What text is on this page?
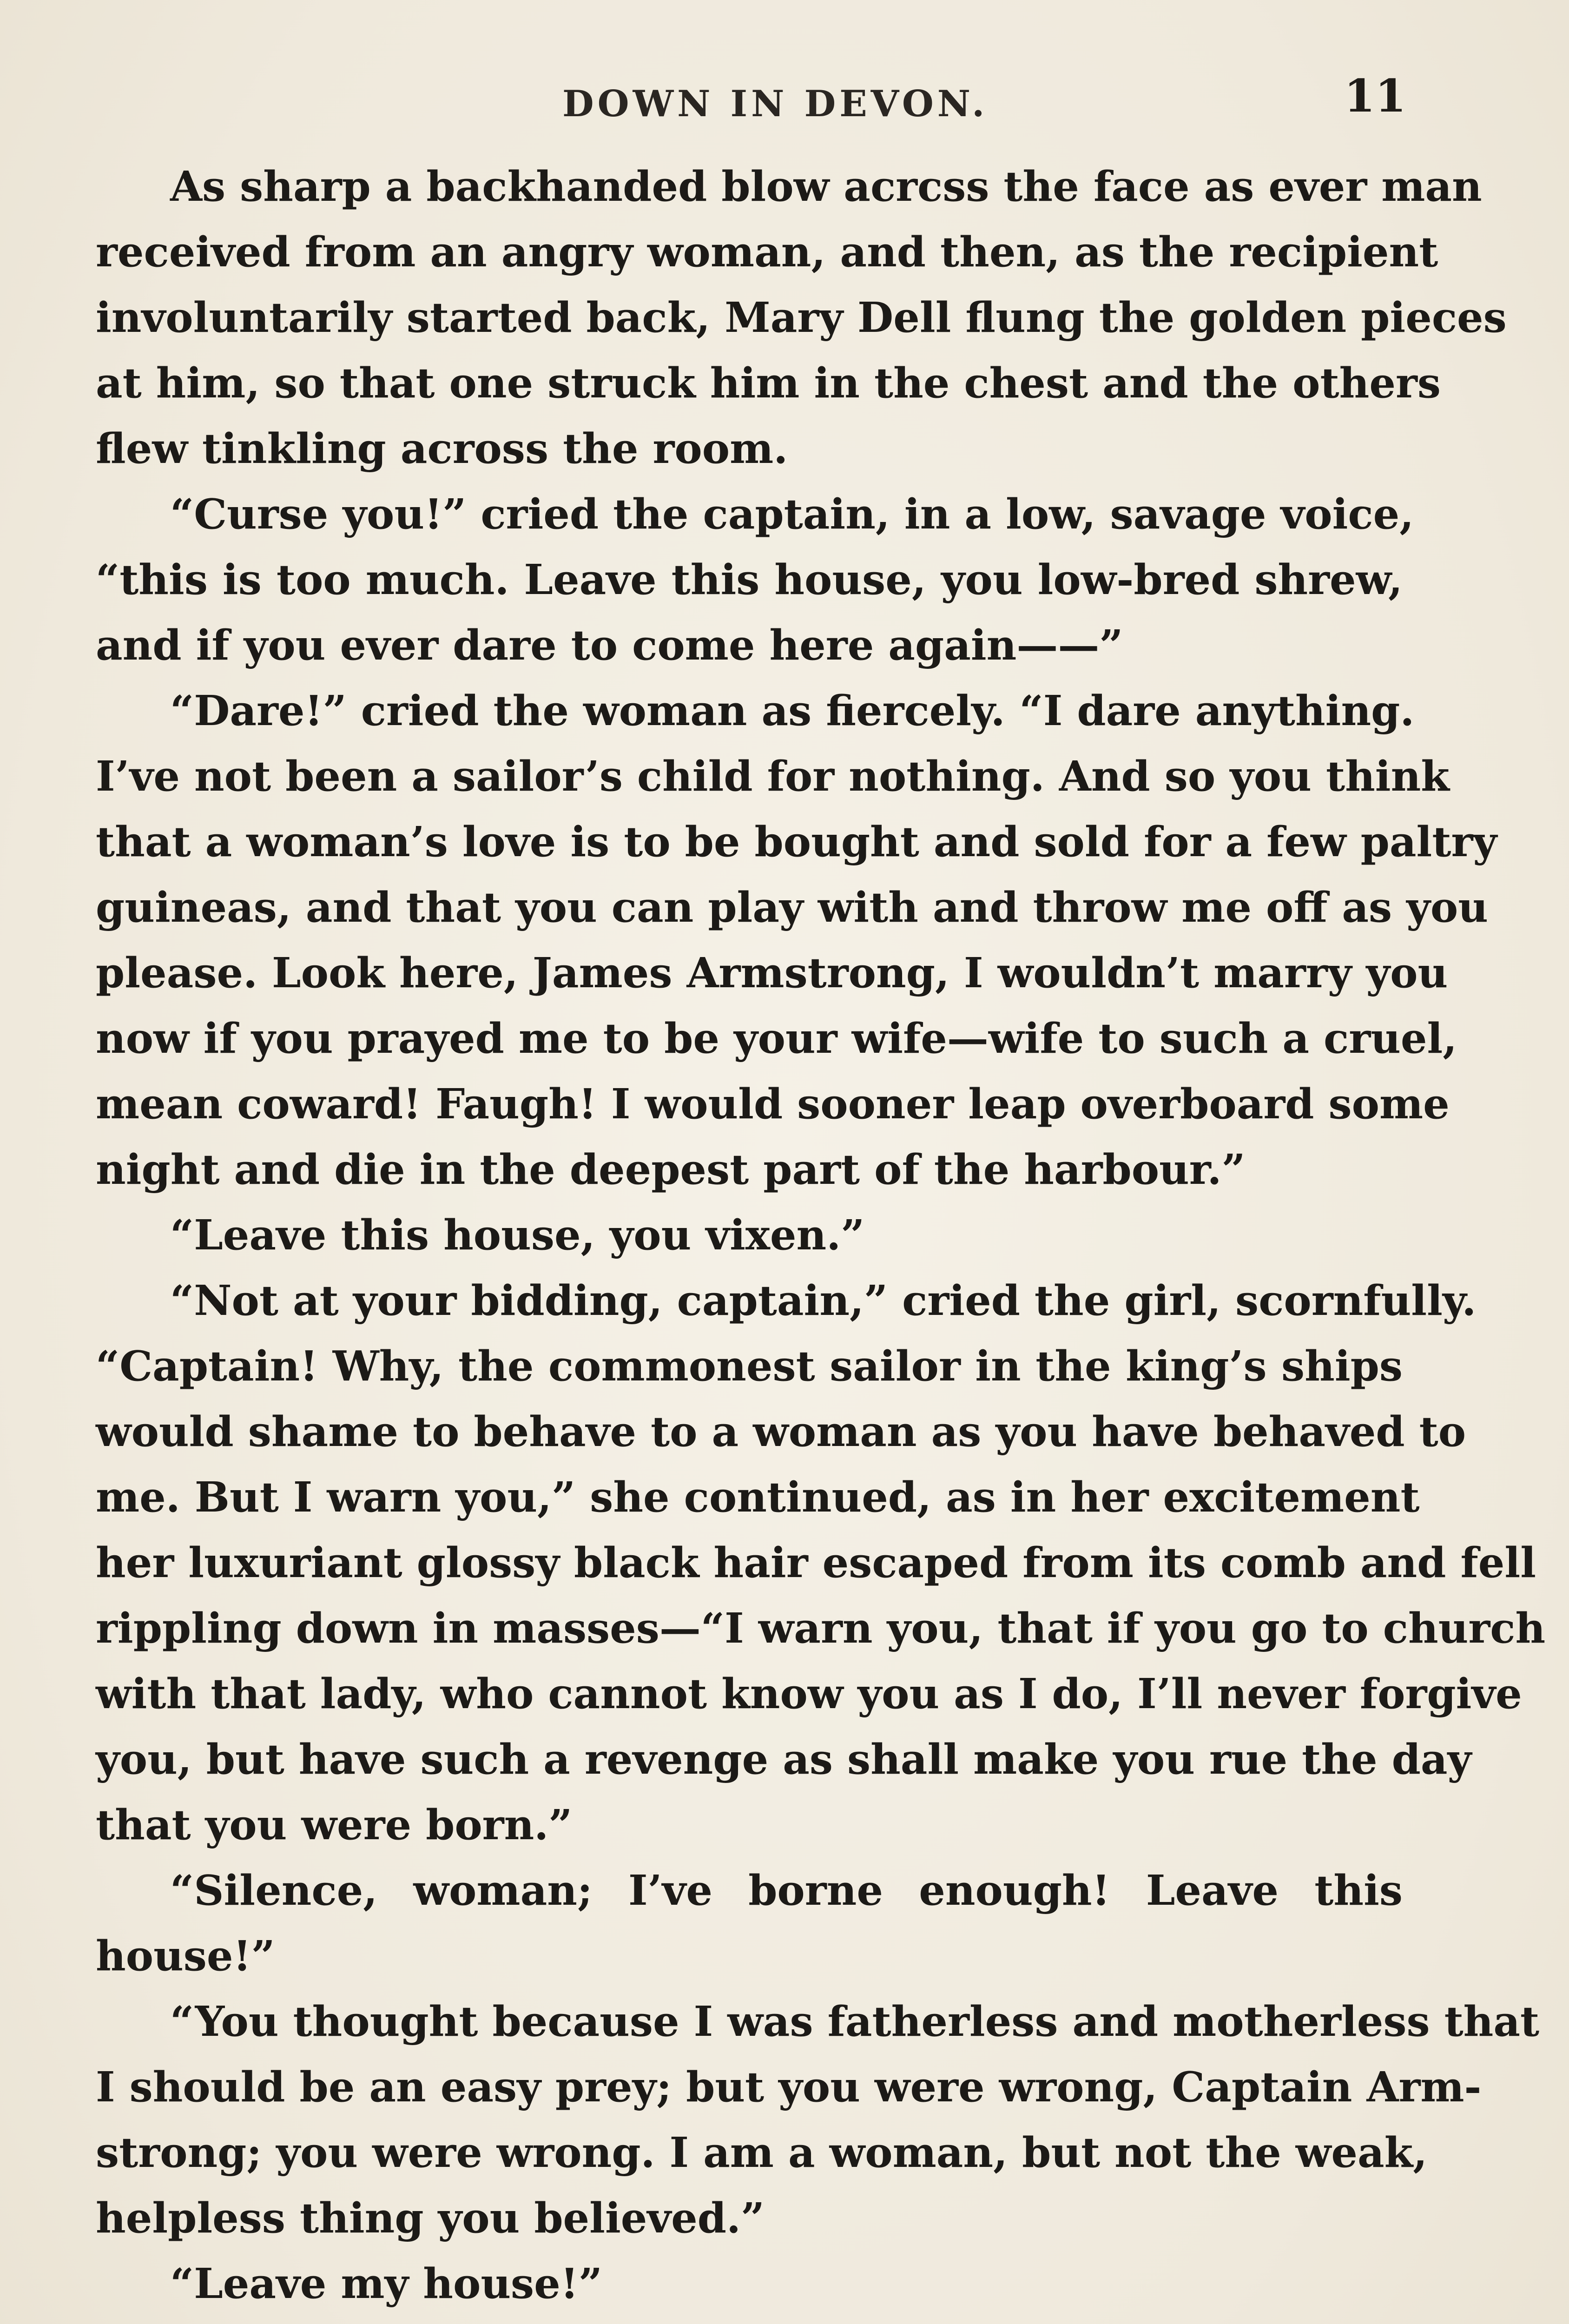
DOWN IN DEVON.	11
As sharp a backhanded blow acrcss the face as ever man
received from an angry woman, and then, as the recipient
involuntarily started back, Mary Dell flung the golden pieces
at him, so that one struck him in the chest and the others
flew tinkling across the room.
“Curse you!” cried the captain, in a low, savage voice,
“this is too much. Leave this house, you low-bred shrew,
and if you ever dare to come here again——”
“Dare!” cried the woman as fiercely. “I dare anything.
I’ve not been a sailor’s child for nothing. And so you think
that a woman’s love is to be bought and sold for a few paltry
guineas, and that you can play with and throw me off as you
please. Look here, James Armstrong, I wouldn’t marry you
now if you prayed me to be your wife—wife to such a cruel,
mean coward! Faugh! I would sooner leap overboard some
night and die in the deepest part of the harbour.”
“Leave this house, you vixen.”
“Not at your bidding, captain,” cried the girl, scornfully.
“Captain! Why, the commonest sailor in the king’s ships
would shame to behave to a woman as you have behaved to
me. But I warn you,” she continued, as in her excitement
her luxuriant glossy black hair escaped from its comb and fell
rippling down in masses—“I warn you, that if you go to church
with that lady, who cannot know you as I do, I’ll never forgive
you, but have such a revenge as shall make you rue the day
that you were born.”
“Silence, woman; I’ve borne enough! Leave this
house!”
“You thought because I was fatherless and motherless that
I should be an easy prey; but you were wrong, Captain Arm-
strong; you were wrong. I am a woman, but not the weak,
helpless thing you believed.”
“Leave my house!”
